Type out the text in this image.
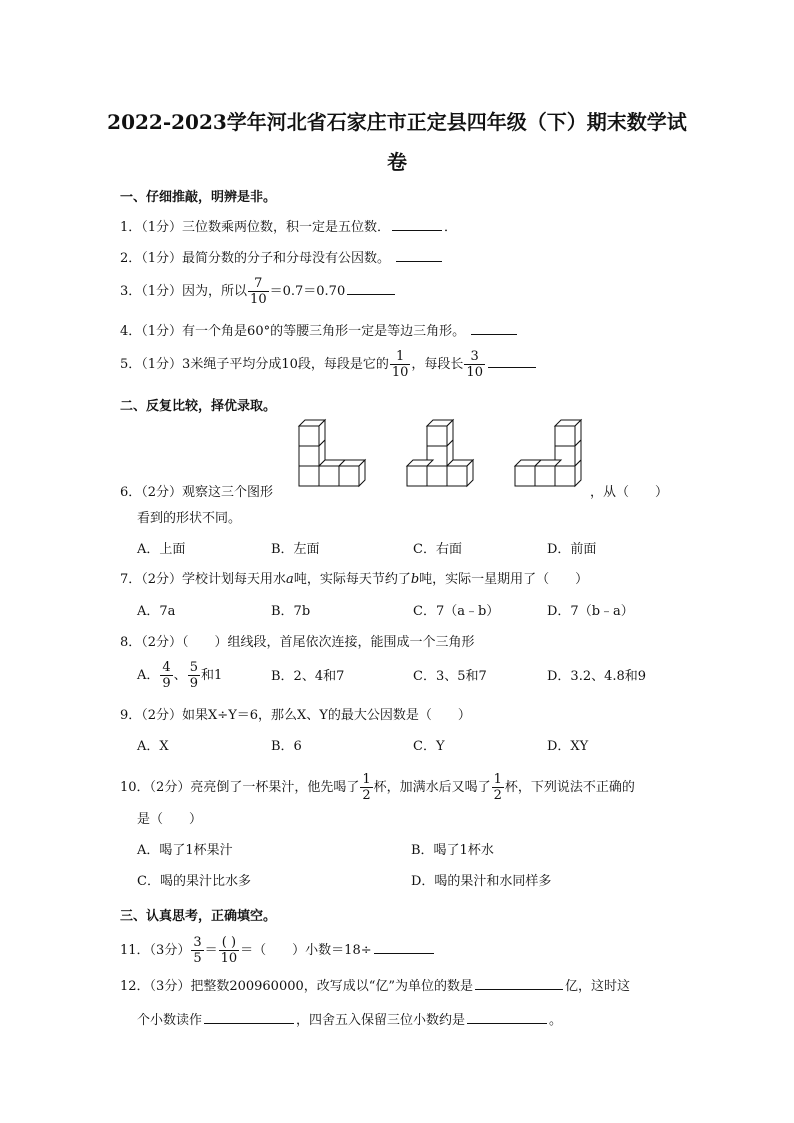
2022-2023学年河北省石家庄市正定县四年级（下）期末数学试
卷
一、仔细推敲，明辨是非。
1．（1分）三位数乘两位数，积一定是五位数．	．
2．（1分）最简分数的分子和分母没有公因数。
3．（1分）因为，所以 $\frac{7}{10} =0.7=0.70$
4．（1分）有一个角是60°的等腰三角形一定是等边三角形。
5．（1分）3米绳子平均分成10段，每段是它的 $\frac{1}{10}$ ，每段长 $\frac{3}{10}$
二、反复比较，择优录取。
6．（2分）观察这三个图形	，从（　　）
看到的形状不同。
A．上面	B．左面	C．右面	D．前面
7．（2分）学校计划每天用水a吨，实际每天节约了b吨，实际一星期用了（　　）
A．7a	B．7b	C．7（a﹣b）	D．7（b﹣a）
8．（2分）（　　）组线段，首尾依次连接，能围成一个三角形
A． $\frac{4}{9}$ 、 $\frac{5}{9}$ 和1	B．2、4和7	C．3、5和7	D．3.2、4.8和9
9．（2分）如果X÷Y＝6，那么X、Y的最大公因数是（　　）
A．X	B．6	C．Y	D．XY
10．（2分）亮亮倒了一杯果汁，他先喝了 $\frac{1}{2}$ 杯，加满水后又喝了 $\frac{1}{2}$ 杯，下列说法不正确的
是（　　）
A．喝了1杯果汁	B．喝了1杯水
C．喝的果汁比水多	D．喝的果汁和水同样多
三、认真思考，正确填空。
11．（3分） $\frac{3}{5} = \frac{( )}{10}$ ＝（　　）小数＝18÷
12．（3分）把整数200960000，改写成以“亿”为单位的数是	亿，这时这
个小数读作	，四舍五入保留三位小数约是	。
